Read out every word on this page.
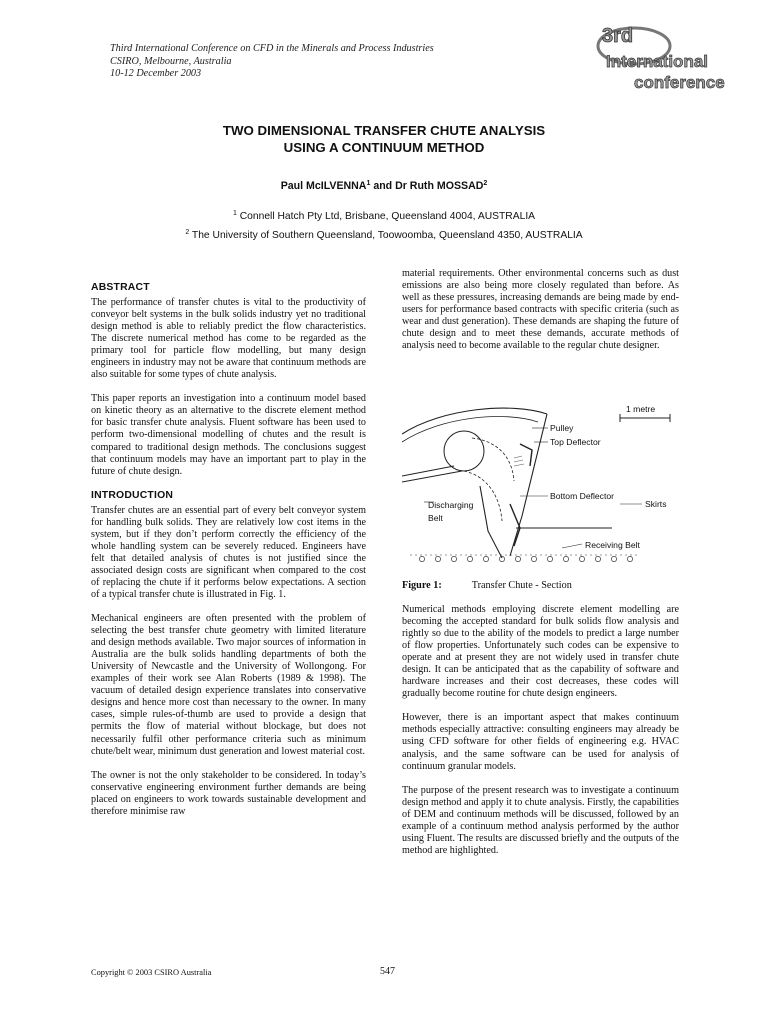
Third International Conference on CFD in the Minerals and Process Industries
CSIRO, Melbourne, Australia
10-12 December 2003
3rd
International
conference
TWO DIMENSIONAL TRANSFER CHUTE ANALYSIS
USING A CONTINUUM METHOD
Paul McILVENNA$^1$ and Dr Ruth MOSSAD$^2$
$^1$ Connell Hatch Pty Ltd, Brisbane, Queensland 4004, AUSTRALIA
$^2$ The University of Southern Queensland, Toowoomba, Queensland 4350, AUSTRALIA
ABSTRACT

The performance of transfer chutes is vital to the productivity of conveyor belt systems in the bulk solids industry yet no traditional design method is able to reliably predict the flow characteristics. The discrete numerical method has come to be regarded as the primary tool for particle flow modelling, but many design engineers in industry may not be aware that continuum methods are also suitable for some types of chute analysis.

This paper reports an investigation into a continuum model based on kinetic theory as an alternative to the discrete element method for basic transfer chute analysis. Fluent software has been used to perform two-dimensional modelling of chutes and the result is compared to traditional design methods. The conclusions suggest that continuum models may have an important part to play in the future of chute design.

INTRODUCTION

Transfer chutes are an essential part of every belt conveyor system for handling bulk solids. They are relatively low cost items in the system, but if they don’t perform correctly the efficiency of the whole handling system can be severely reduced. Engineers have felt that detailed analysis of chutes is not justified since the associated design costs are significant when compared to the cost of replacing the chute if it performs below expectations. A section of a typical transfer chute is illustrated in Fig. 1.

Mechanical engineers are often presented with the problem of selecting the best transfer chute geometry with limited literature and design methods available. Two major sources of information in Australia are the bulk solids handling departments of both the University of Newcastle and the University of Wollongong. For examples of their work see Alan Roberts (1989 & 1998). The vacuum of detailed design experience translates into conservative designs and hence more cost than necessary to the owner. In many cases, simple rules-of-thumb are used to provide a design that permits the flow of material without blockage, but does not necessarily fulfil other performance criteria such as minimum chute/belt wear, minimum dust generation and lowest material cost.

The owner is not the only stakeholder to be considered. In today’s conservative engineering environment further demands are being placed on engineers to work towards sustainable development and therefore minimise raw

material requirements. Other environmental concerns such as dust emissions are also being more closely regulated than before. As well as these pressures, increasing demands are being made by end-users for performance based contracts with specific criteria (such as wear and dust generation). These demands are shaping the future of chute design and to meet these demands, accurate methods of analysis need to become available to the regular chute designer.

1 metre
Pulley
Top Deflector
Discharging
Belt
Bottom Deflector
Skirts
Receiving Belt
Figure 1:	Transfer Chute - Section

Numerical methods employing discrete element modelling are becoming the accepted standard for bulk solids flow analysis and rightly so due to the ability of the models to predict a large number of flow properties. Unfortunately such codes can be expensive to operate and at present they are not widely used in transfer chute design. It can be anticipated that as the capability of software and hardware increases and their cost decreases, these codes will gradually become routine for chute design engineers.

However, there is an important aspect that makes continuum methods especially attractive: consulting engineers may already be using CFD software for other fields of engineering e.g. HVAC analysis, and the same software can be used for analysis of continuum granular models.

The purpose of the present research was to investigate a continuum design method and apply it to chute analysis. Firstly, the capabilities of DEM and continuum methods will be discussed, followed by an example of a continuum method analysis performed by the author using Fluent. The results are discussed briefly and the outputs of the method are highlighted.

Copyright © 2003 CSIRO Australia	547
